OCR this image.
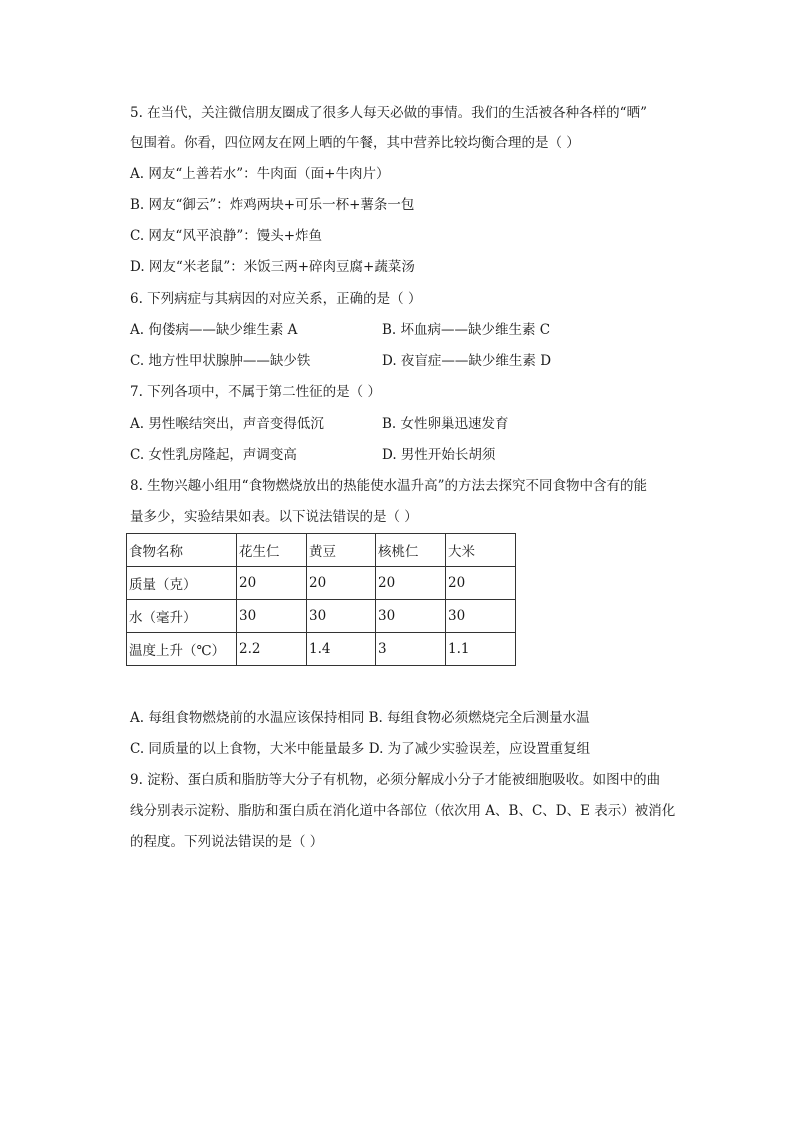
5. 在当代，关注微信朋友圈成了很多人每天必做的事情。我们的生活被各种各样的“晒”
包围着。你看，四位网友在网上晒的午餐，其中营养比较均衡合理的是（ ）
A. 网友“上善若水”：牛肉面（面+牛肉片）
B. 网友“御云”：炸鸡两块+可乐一杯+薯条一包
C. 网友“风平浪静”：馒头+炸鱼
D. 网友“米老鼠”：米饭三两+碎肉豆腐+蔬菜汤
6. 下列病症与其病因的对应关系，正确的是（ ）
A. 佝偻病——缺少维生素 A	B. 坏血病——缺少维生素 C
C. 地方性甲状腺肿——缺少铁	D. 夜盲症——缺少维生素 D
7. 下列各项中，不属于第二性征的是（ ）
A. 男性喉结突出，声音变得低沉	B. 女性卵巢迅速发育
C. 女性乳房隆起，声调变高	D. 男性开始长胡须
8. 生物兴趣小组用“食物燃烧放出的热能使水温升高”的方法去探究不同食物中含有的能
量多少，实验结果如表。以下说法错误的是（ ）
食物名称	花生仁	黄豆	核桃仁	大米
质量（克）	20	20	20	20
水（毫升）	30	30	30	30
温度上升（℃）	2.2	1.4	3	1.1
A. 每组食物燃烧前的水温应该保持相同 B. 每组食物必须燃烧完全后测量水温
C. 同质量的以上食物，大米中能量最多 D. 为了减少实验误差，应设置重复组
9. 淀粉、蛋白质和脂肪等大分子有机物，必须分解成小分子才能被细胞吸收。如图中的曲
线分别表示淀粉、脂肪和蛋白质在消化道中各部位（依次用 A、B、C、D、E 表示）被消化
的程度。下列说法错误的是（ ）
